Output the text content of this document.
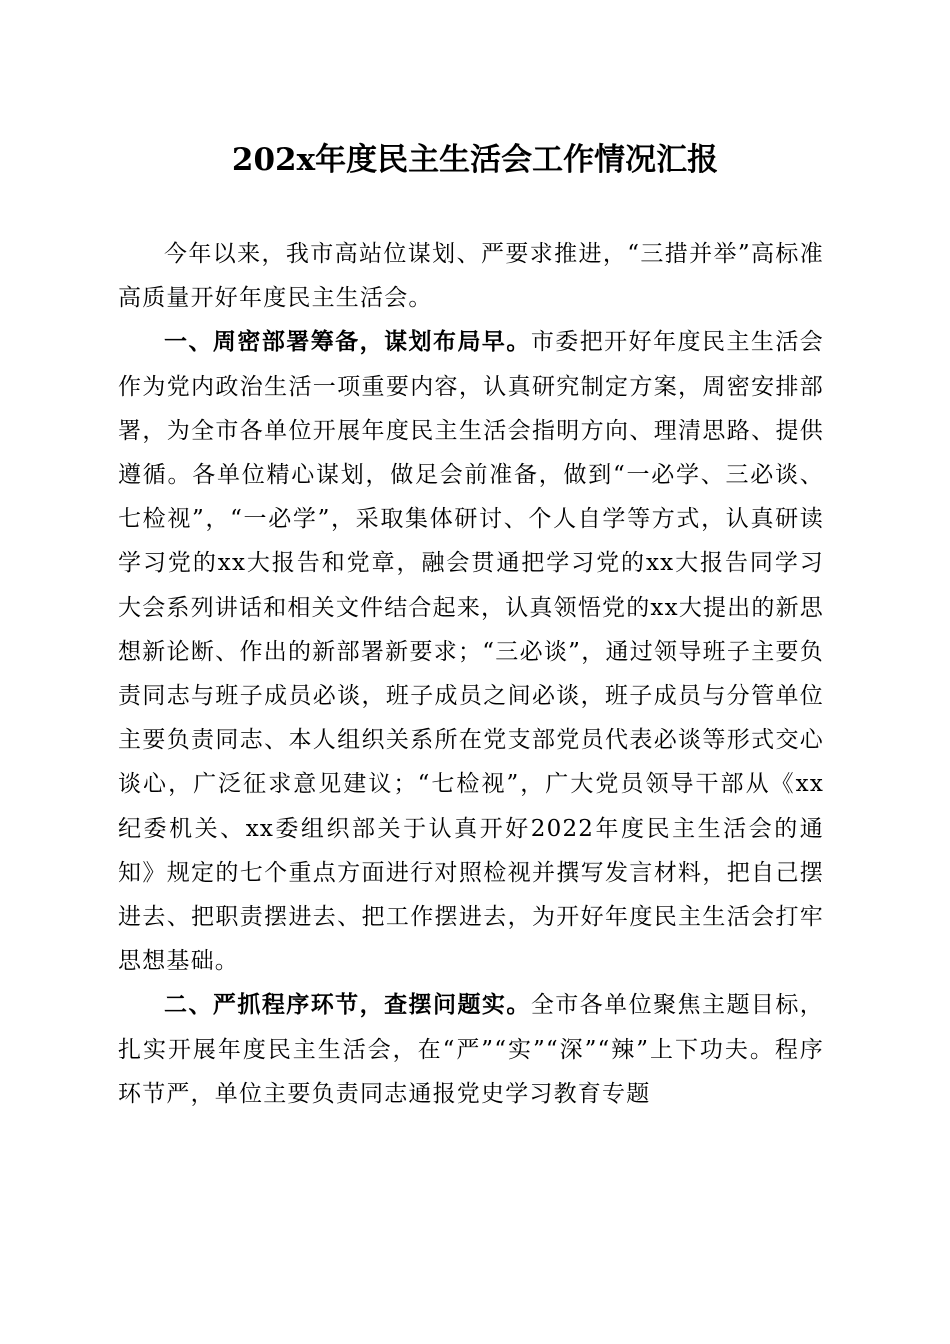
202x年度民主生活会工作情况汇报

今年以来，我市高站位谋划、严要求推进，“三措并举”高标准高质量开好年度民主生活会。

一、周密部署筹备，谋划布局早。市委把开好年度民主生活会作为党内政治生活一项重要内容，认真研究制定方案，周密安排部署，为全市各单位开展年度民主生活会指明方向、理清思路、提供遵循。各单位精心谋划，做足会前准备，做到“一必学、三必谈、七检视”，“一必学”，采取集体研讨、个人自学等方式，认真研读学习党的xx大报告和党章，融会贯通把学习党的xx大报告同学习大会系列讲话和相关文件结合起来，认真领悟党的xx大提出的新思想新论断、作出的新部署新要求；“三必谈”，通过领导班子主要负责同志与班子成员必谈，班子成员之间必谈，班子成员与分管单位主要负责同志、本人组织关系所在党支部党员代表必谈等形式交心谈心，广泛征求意见建议；“七检视”，广大党员领导干部从《xx纪委机关、xx委组织部关于认真开好2022年度民主生活会的通知》规定的七个重点方面进行对照检视并撰写发言材料，把自己摆进去、把职责摆进去、把工作摆进去，为开好年度民主生活会打牢思想基础。

二、严抓程序环节，查摆问题实。全市各单位聚焦主题目标，扎实开展年度民主生活会，在“严”“实”“深”“辣”上下功夫。程序环节严，单位主要负责同志通报党史学习教育专题
